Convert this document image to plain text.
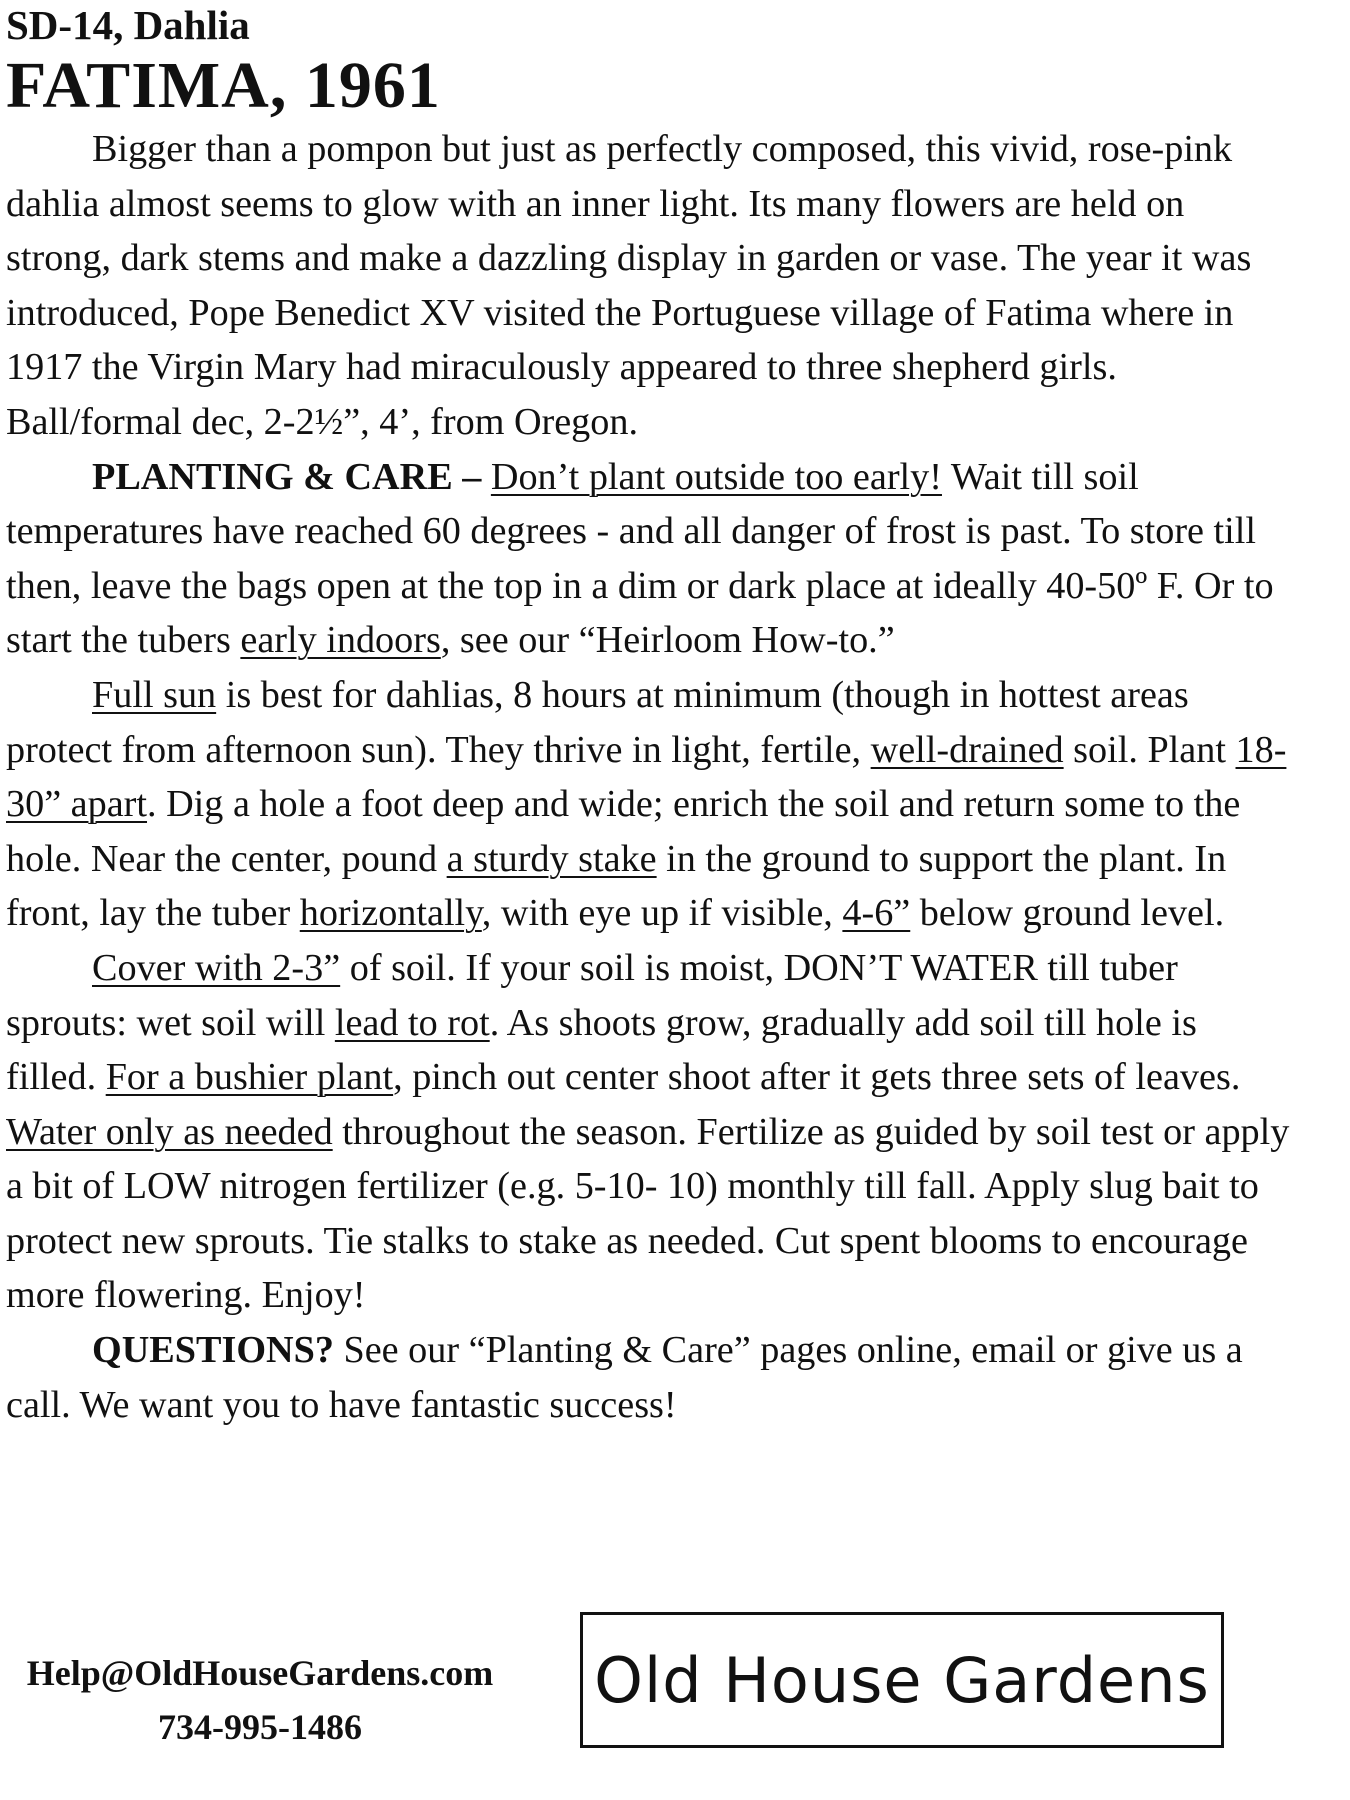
SD-14, Dahlia
FATIMA, 1961

Bigger than a pompon but just as perfectly composed, this vivid, rose-pink dahlia almost seems to glow with an inner light. Its many flowers are held on strong, dark stems and make a dazzling display in garden or vase. The year it was introduced, Pope Benedict XV visited the Portuguese village of Fatima where in 1917 the Virgin Mary had miraculously appeared to three shepherd girls. Ball/formal dec, 2-2½”, 4’, from Oregon.

PLANTING & CARE – Don’t plant outside too early! Wait till soil temperatures have reached 60 degrees - and all danger of frost is past. To store till then, leave the bags open at the top in a dim or dark place at ideally 40-50º F. Or to start the tubers early indoors, see our “Heirloom How-to.”

Full sun is best for dahlias, 8 hours at minimum (though in hottest areas protect from afternoon sun). They thrive in light, fertile, well-drained soil. Plant 18-30” apart. Dig a hole a foot deep and wide; enrich the soil and return some to the hole. Near the center, pound a sturdy stake in the ground to support the plant. In front, lay the tuber horizontally, with eye up if visible, 4-6” below ground level.

Cover with 2-3” of soil. If your soil is moist, DON’T WATER till tuber sprouts: wet soil will lead to rot. As shoots grow, gradually add soil till hole is filled. For a bushier plant, pinch out center shoot after it gets three sets of leaves. Water only as needed throughout the season. Fertilize as guided by soil test or apply a bit of LOW nitrogen fertilizer (e.g. 5-10- 10) monthly till fall. Apply slug bait to protect new sprouts. Tie stalks to stake as needed. Cut spent blooms to encourage more flowering. Enjoy!

QUESTIONS? See our “Planting & Care” pages online, email or give us a call. We want you to have fantastic success!

Help@OldHouseGardens.com
734-995-1486
Old House Gardens
